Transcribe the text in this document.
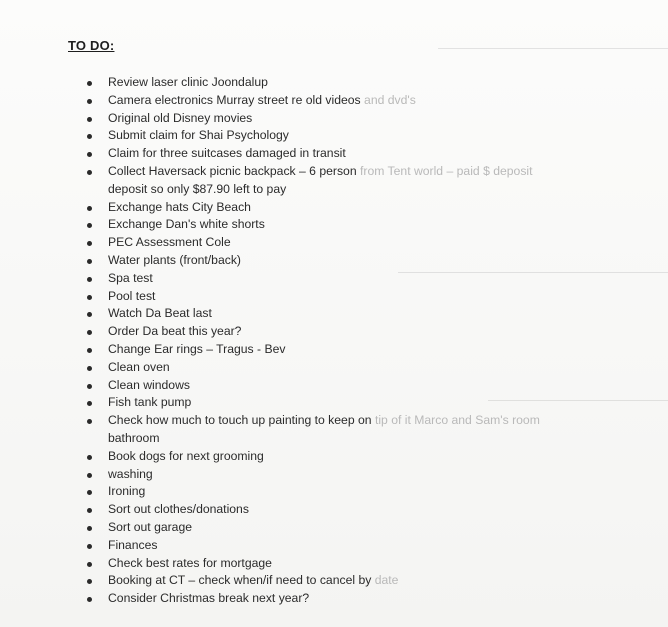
TO DO:
Review laser clinic Joondalup
Camera electronics Murray street re old videos and dvd's
Original old Disney movies
Submit claim for Shai Psychology
Claim for three suitcases damaged in transit
Collect Haversack picnic backpack – 6 person from Tent world – paid $ deposit
deposit so only $87.90 left to pay
Exchange hats City Beach
Exchange Dan's white shorts
PEC Assessment Cole
Water plants (front/back)
Spa test
Pool test
Watch Da Beat last
Order Da beat this year?
Change Ear rings – Tragus - Bev
Clean oven
Clean windows
Fish tank pump
Check how much to touch up painting to keep on tip of it Marco and Sam's room
bathroom
Book dogs for next grooming
washing
Ironing
Sort out clothes/donations
Sort out garage
Finances
Check best rates for mortgage
Booking at CT – check when/if need to cancel by date
Consider Christmas break next year?
